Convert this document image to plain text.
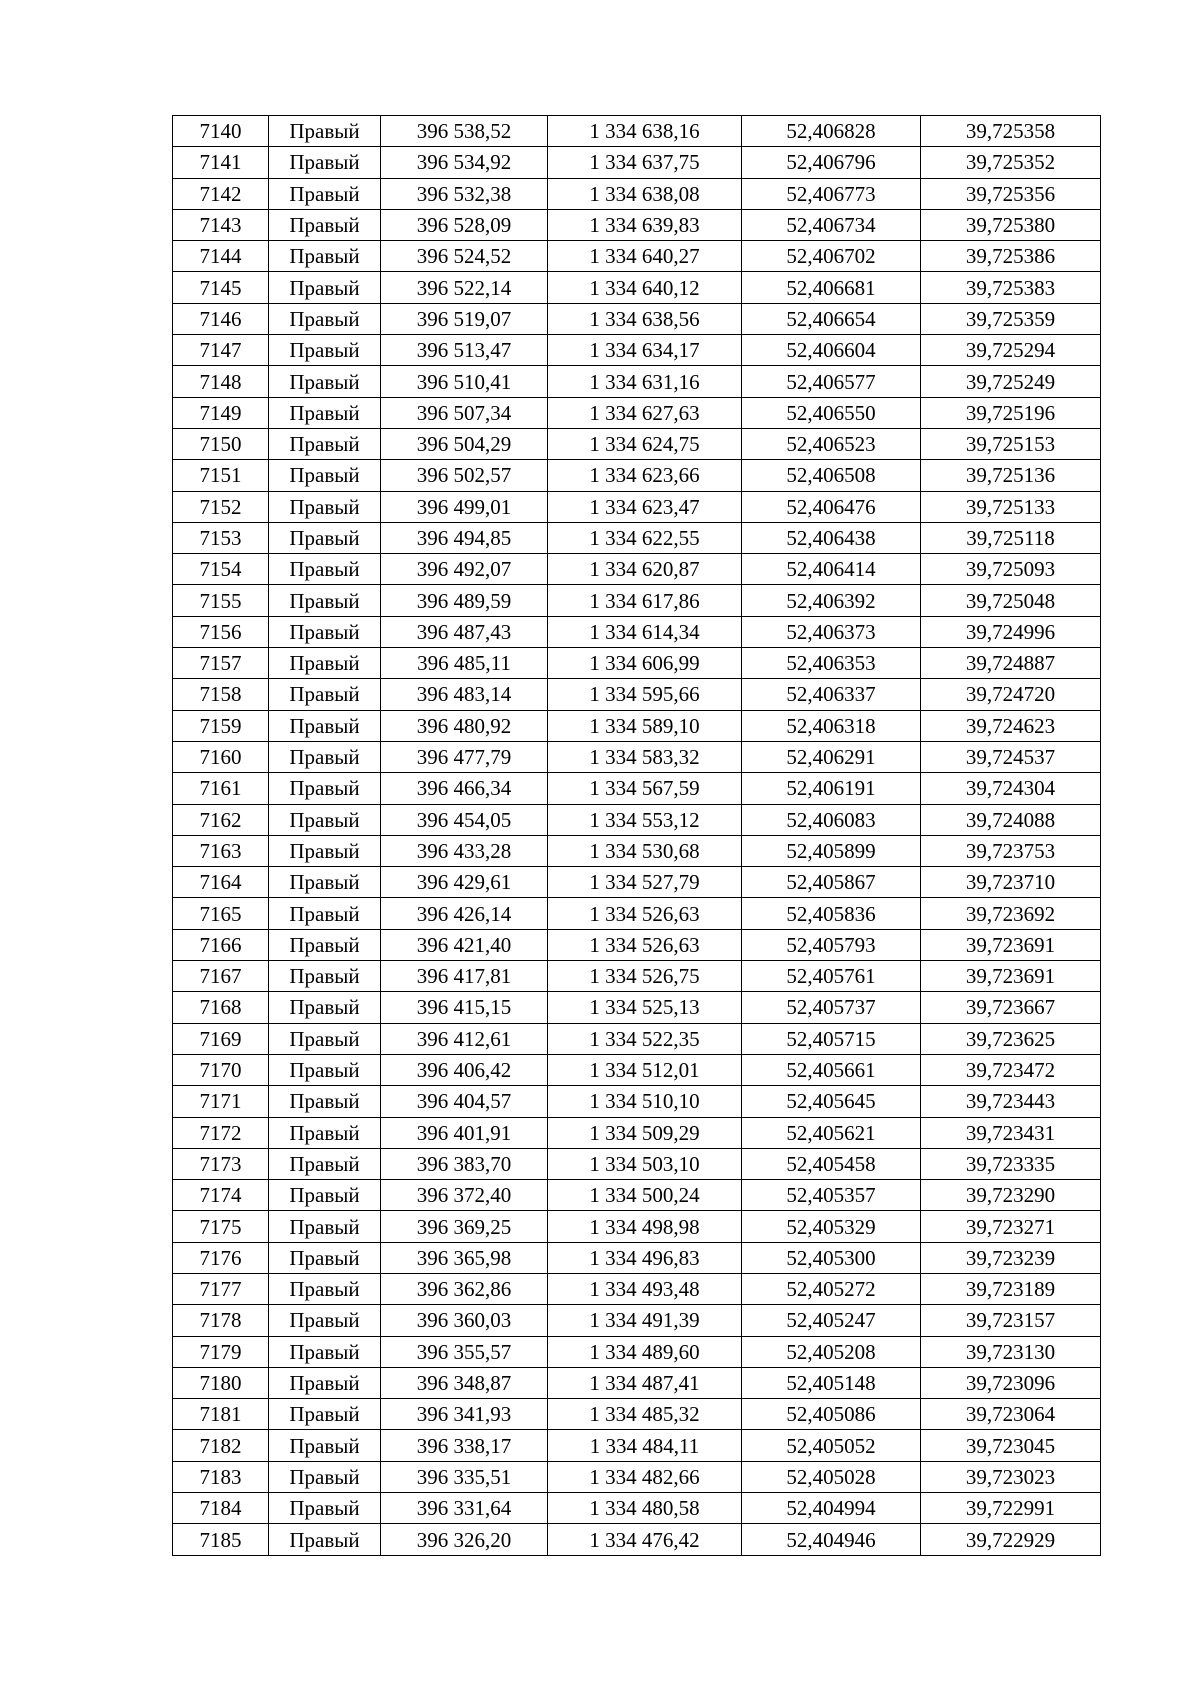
7140	Правый	396 538,52	1 334 638,16	52,406828	39,725358
7141	Правый	396 534,92	1 334 637,75	52,406796	39,725352
7142	Правый	396 532,38	1 334 638,08	52,406773	39,725356
7143	Правый	396 528,09	1 334 639,83	52,406734	39,725380
7144	Правый	396 524,52	1 334 640,27	52,406702	39,725386
7145	Правый	396 522,14	1 334 640,12	52,406681	39,725383
7146	Правый	396 519,07	1 334 638,56	52,406654	39,725359
7147	Правый	396 513,47	1 334 634,17	52,406604	39,725294
7148	Правый	396 510,41	1 334 631,16	52,406577	39,725249
7149	Правый	396 507,34	1 334 627,63	52,406550	39,725196
7150	Правый	396 504,29	1 334 624,75	52,406523	39,725153
7151	Правый	396 502,57	1 334 623,66	52,406508	39,725136
7152	Правый	396 499,01	1 334 623,47	52,406476	39,725133
7153	Правый	396 494,85	1 334 622,55	52,406438	39,725118
7154	Правый	396 492,07	1 334 620,87	52,406414	39,725093
7155	Правый	396 489,59	1 334 617,86	52,406392	39,725048
7156	Правый	396 487,43	1 334 614,34	52,406373	39,724996
7157	Правый	396 485,11	1 334 606,99	52,406353	39,724887
7158	Правый	396 483,14	1 334 595,66	52,406337	39,724720
7159	Правый	396 480,92	1 334 589,10	52,406318	39,724623
7160	Правый	396 477,79	1 334 583,32	52,406291	39,724537
7161	Правый	396 466,34	1 334 567,59	52,406191	39,724304
7162	Правый	396 454,05	1 334 553,12	52,406083	39,724088
7163	Правый	396 433,28	1 334 530,68	52,405899	39,723753
7164	Правый	396 429,61	1 334 527,79	52,405867	39,723710
7165	Правый	396 426,14	1 334 526,63	52,405836	39,723692
7166	Правый	396 421,40	1 334 526,63	52,405793	39,723691
7167	Правый	396 417,81	1 334 526,75	52,405761	39,723691
7168	Правый	396 415,15	1 334 525,13	52,405737	39,723667
7169	Правый	396 412,61	1 334 522,35	52,405715	39,723625
7170	Правый	396 406,42	1 334 512,01	52,405661	39,723472
7171	Правый	396 404,57	1 334 510,10	52,405645	39,723443
7172	Правый	396 401,91	1 334 509,29	52,405621	39,723431
7173	Правый	396 383,70	1 334 503,10	52,405458	39,723335
7174	Правый	396 372,40	1 334 500,24	52,405357	39,723290
7175	Правый	396 369,25	1 334 498,98	52,405329	39,723271
7176	Правый	396 365,98	1 334 496,83	52,405300	39,723239
7177	Правый	396 362,86	1 334 493,48	52,405272	39,723189
7178	Правый	396 360,03	1 334 491,39	52,405247	39,723157
7179	Правый	396 355,57	1 334 489,60	52,405208	39,723130
7180	Правый	396 348,87	1 334 487,41	52,405148	39,723096
7181	Правый	396 341,93	1 334 485,32	52,405086	39,723064
7182	Правый	396 338,17	1 334 484,11	52,405052	39,723045
7183	Правый	396 335,51	1 334 482,66	52,405028	39,723023
7184	Правый	396 331,64	1 334 480,58	52,404994	39,722991
7185	Правый	396 326,20	1 334 476,42	52,404946	39,722929
